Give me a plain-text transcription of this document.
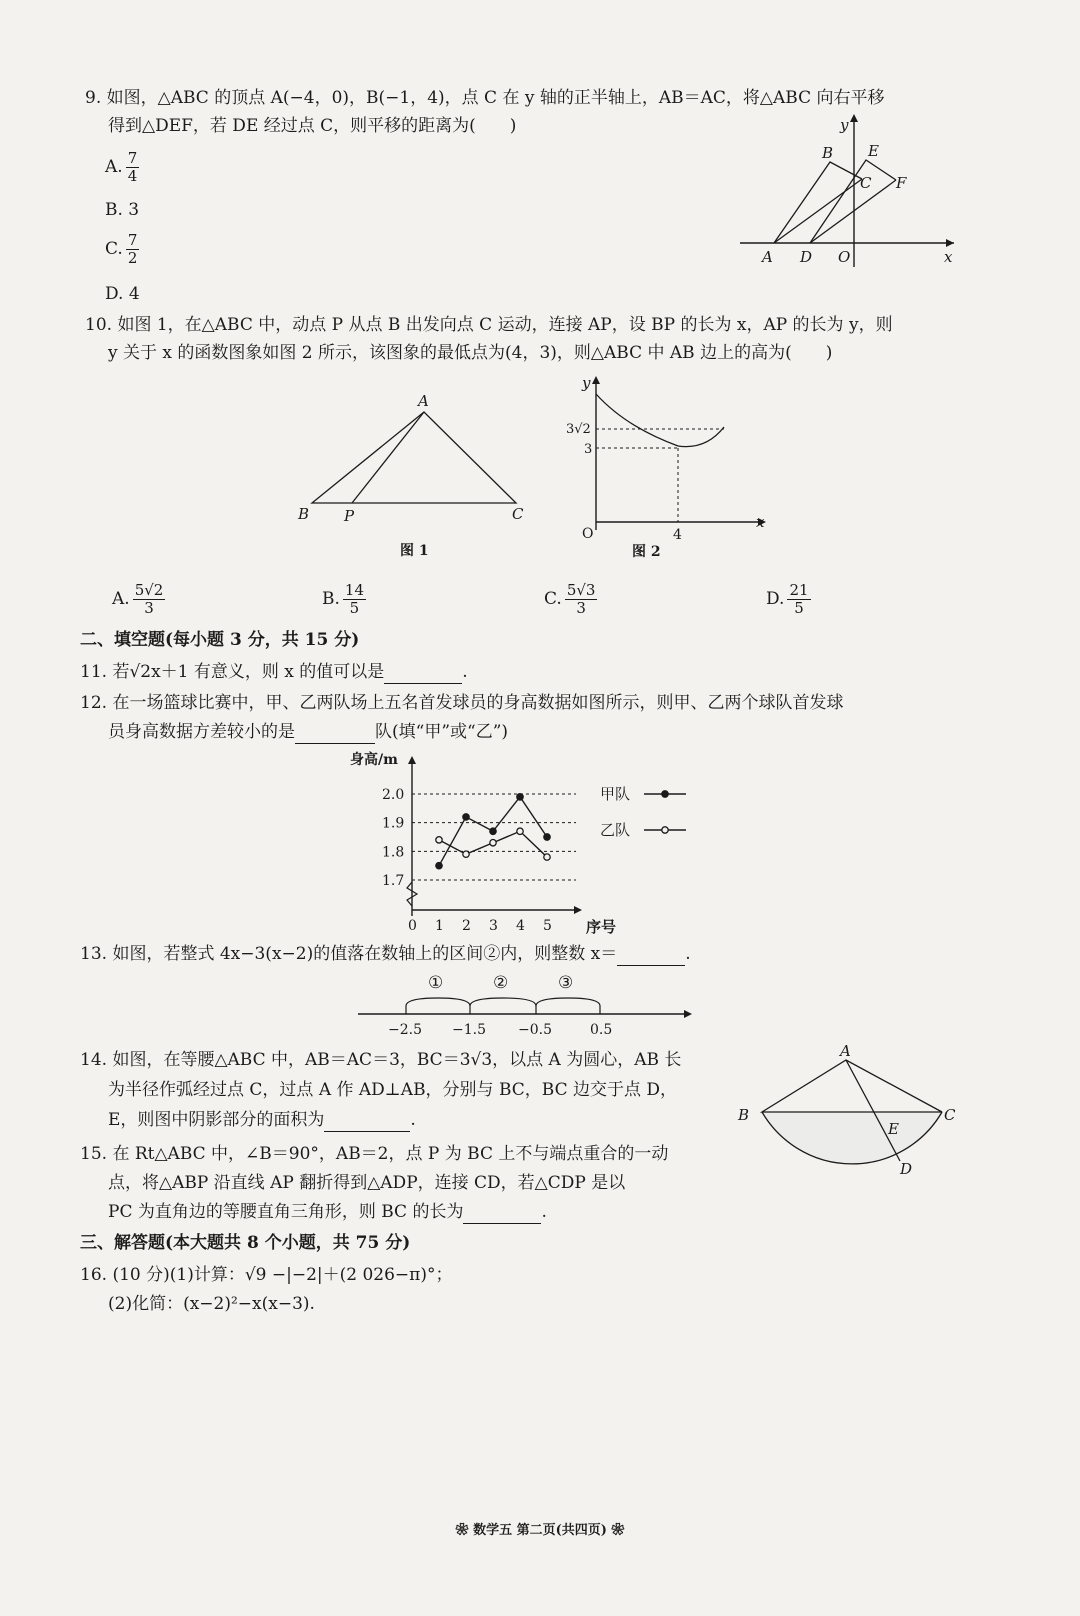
9. 如图，△ABC 的顶点 A(−4，0)，B(−1，4)，点 C 在 y 轴的正半轴上，AB＝AC，将△ABC 向右平移
得到△DEF，若 DE 经过点 C，则平移的距离为(　　)
A. $\frac{7}{4}$
B. 3
C. $\frac{7}{2}$
D. 4
y
x
B E
C F
A D O
10. 如图 1，在△ABC 中，动点 P 从点 B 出发向点 C 运动，连接 AP，设 BP 的长为 x，AP 的长为 y，则
y 关于 x 的函数图象如图 2 所示，该图象的最低点为(4，3)，则△ABC 中 AB 边上的高为(　　)
A
B P	C
图 1
y
x
O
3√2
3
4
图 2
A. $\frac{5√2}{3}$	B. $\frac{14}{5}$	C. $\frac{5√3}{3}$	D. $\frac{21}{5}$
二、填空题(每小题 3 分，共 15 分)
11. 若√2x＋1 有意义，则 x 的值可以是	.
12. 在一场篮球比赛中，甲、乙两队场上五名首发球员的身高数据如图所示，则甲、乙两个球队首发球
员身高数据方差较小的是	队(填“甲”或“乙”)
1.7
1.8
1.9
2.0
0 1 2 3 4 5
身高/m
序号
甲队
乙队
13. 如图，若整式 4x−3(x−2)的值落在数轴上的区间②内，则整数 x＝	.
①	②	③
−2.5 −1.5 −0.5	0.5
14. 如图，在等腰△ABC 中，AB＝AC＝3，BC＝3√3，以点 A 为圆心，AB 长
为半径作弧经过点 C，过点 A 作 AD⊥AB，分别与 BC，BC 边交于点 D，
E，则图中阴影部分的面积为	.
A
B	C
E
D
15. 在 Rt△ABC 中，∠B＝90°，AB＝2，点 P 为 BC 上不与端点重合的一动
点，将△ABP 沿直线 AP 翻折得到△ADP，连接 CD，若△CDP 是以
PC 为直角边的等腰直角三角形，则 BC 的长为	.
三、解答题(本大题共 8 个小题，共 75 分)
16. (10 分)(1)计算：√9 −|−2|＋(2 026−π)°；
(2)化简：(x−2)²−x(x−3).
❀ 数学五 第二页(共四页) ❀
